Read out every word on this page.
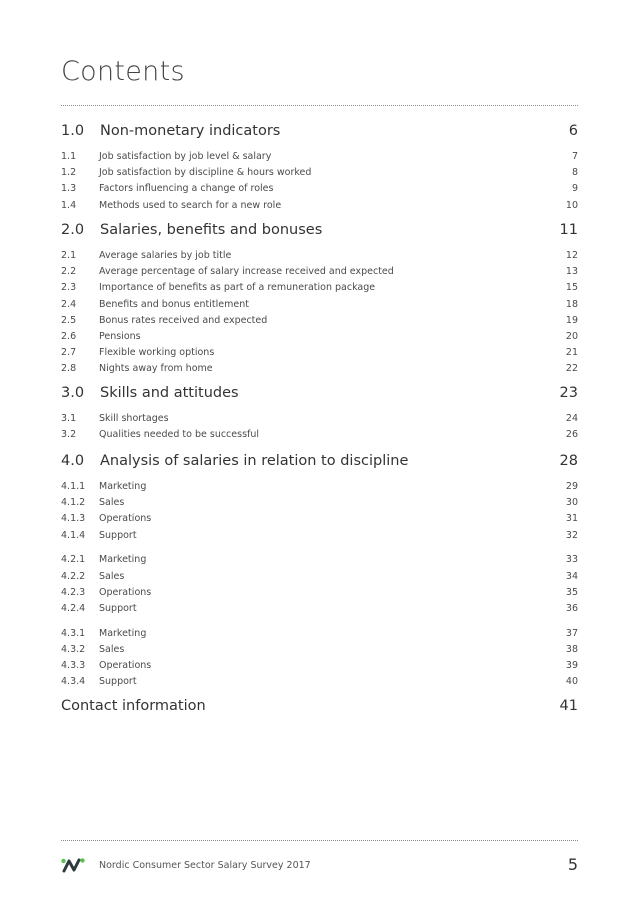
Contents
1.0 Non-monetary indicators	6
1.1 Job satisfaction by job level & salary	7
1.2 Job satisfaction by discipline & hours worked	8
1.3 Factors influencing a change of roles	9
1.4 Methods used to search for a new role	10
2.0 Salaries, benefits and bonuses	11
2.1 Average salaries by job title	12
2.2 Average percentage of salary increase received and expected	13
2.3 Importance of benefits as part of a remuneration package	15
2.4 Benefits and bonus entitlement	18
2.5 Bonus rates received and expected	19
2.6 Pensions	20
2.7 Flexible working options	21
2.8 Nights away from home	22
3.0 Skills and attitudes	23
3.1 Skill shortages	24
3.2 Qualities needed to be successful	26
4.0 Analysis of salaries in relation to discipline	28
4.1.1 Marketing	29
4.1.2 Sales	30
4.1.3 Operations	31
4.1.4 Support	32
4.2.1 Marketing	33
4.2.2 Sales	34
4.2.3 Operations	35
4.2.4 Support	36
4.3.1 Marketing	37
4.3.2 Sales	38
4.3.3 Operations	39
4.3.4 Support	40
Contact information	41
Nordic Consumer Sector Salary Survey 2017	5
